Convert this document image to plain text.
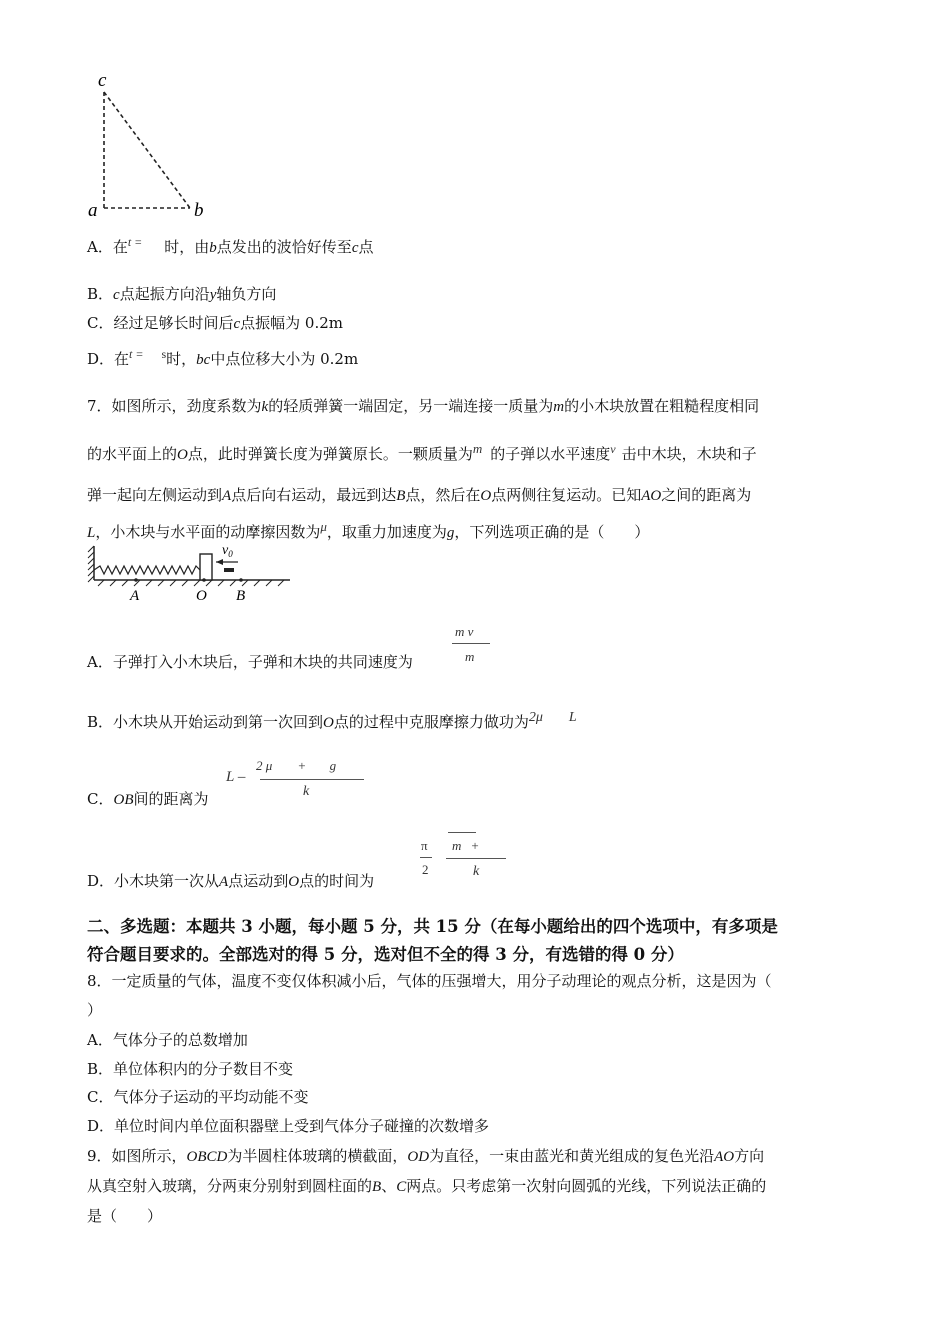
c
a	b
A．在$^{t =}$ 时，由b点发出的波恰好传至c点
B．c点起振方向沿y轴负方向
C．经过足够长时间后c点振幅为 0.2m
D．在$^{t =}$ $^s$时，bc中点位移大小为 0.2m
7．如图所示，劲度系数为k的轻质弹簧一端固定，另一端连接一质量为m的小木块放置在粗糙程度相同
的水平面上的O点，此时弹簧长度为弹簧原长。一颗质量为m 的子弹以水平速度$^v$ 击中木块，木块和子
弹一起向左侧运动到A点后向右运动，最远到达B点，然后在O点两侧往复运动。已知AO之间的距离为
L，小木块与水平面的动摩擦因数为μ，取重力加速度为g，下列选项正确的是（　　）
$v_0$
A	O B
A．子弹打入小木块后，子弹和木块的共同速度为
m v
m
B．小木块从开始运动到第一次回到O点的过程中克服摩擦力做功为2μ L
C．OB间的距离为
L –
2 μ + g
k
D．小木块第一次从A点运动到O点的时间为
π
2
m +
k
二、多选题：本题共 3 小题，每小题 5 分，共 15 分（在每小题给出的四个选项中，有多项是
符合题目要求的。全部选对的得 5 分，选对但不全的得 3 分，有选错的得 0 分）
8．一定质量的气体，温度不变仅体积减小后，气体的压强增大，用分子动理论的观点分析，这是因为（
）
A．气体分子的总数增加
B．单位体积内的分子数目不变
C．气体分子运动的平均动能不变
D．单位时间内单位面积器壁上受到气体分子碰撞的次数增多
9．如图所示，OBCD为半圆柱体玻璃的横截面，OD为直径，一束由蓝光和黄光组成的复色光沿AO方向
从真空射入玻璃，分两束分别射到圆柱面的B、C两点。只考虑第一次射向圆弧的光线，下列说法正确的
是（　　）
